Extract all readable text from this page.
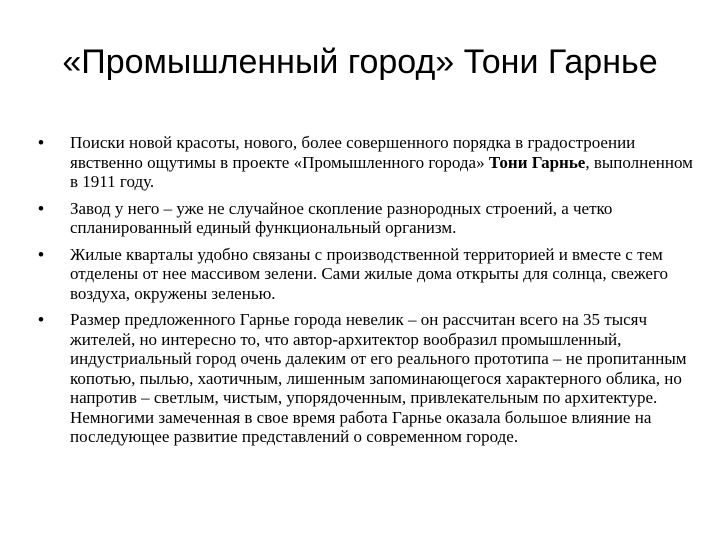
«Промышленный город» Тони Гарнье
• Поиски новой красоты, нового, более совершенного порядка в градостроении явственно ощутимы в проекте «Промышленного города» Тони Гарнье, выполненном в 1911 году.
• Завод у него – уже не случайное скопление разнородных строений, а четко спланированный единый функциональный организм.
• Жилые кварталы удобно связаны с производственной территорией и вместе с тем отделены от нее массивом зелени. Сами жилые дома открыты для солнца, свежего воздуха, окружены зеленью.
• Размер предложенного Гарнье города невелик – он рассчитан всего на 35 тысяч жителей, но интересно то, что автор-архитектор вообразил промышленный, индустриальный город очень далеким от его реального прототипа – не пропитанным копотью, пылью, хаотичным, лишенным запоминающегося характерного облика, но напротив – светлым, чистым, упорядоченным, привлекательным по архитектуре. Немногими замеченная в свое время работа Гарнье оказала большое влияние на последующее развитие представлений о современном городе.
